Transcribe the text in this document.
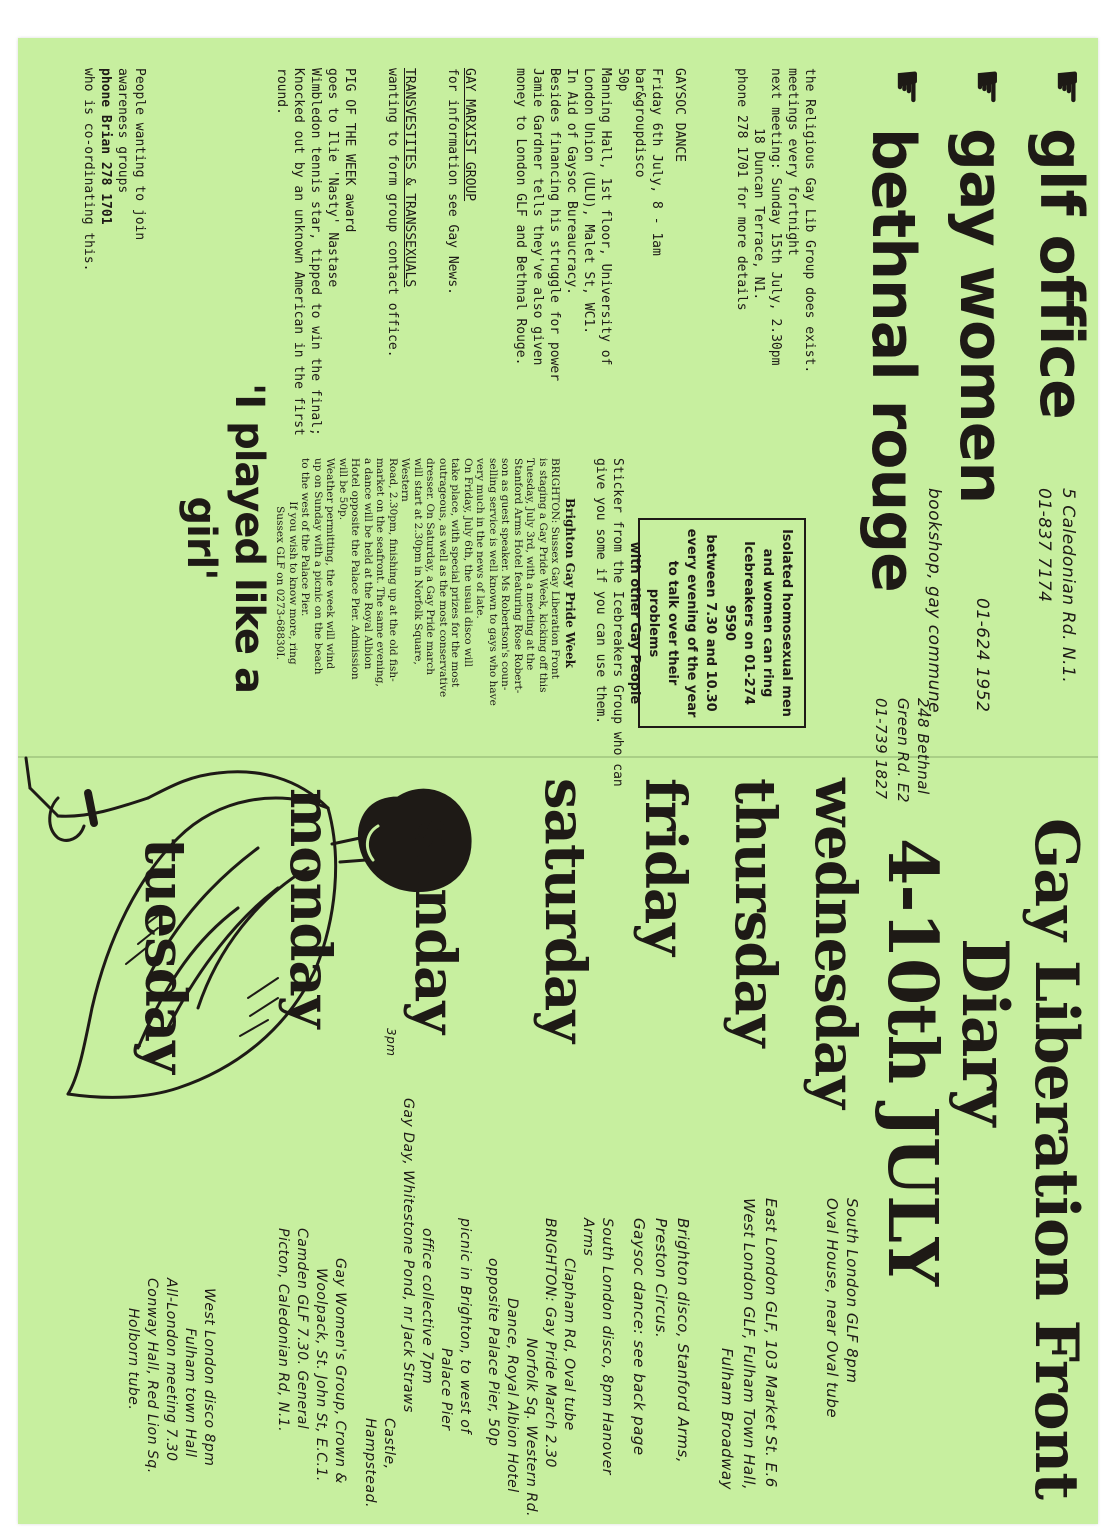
☛
glf office
5 Caledonian Rd. N.1.
01-837 7174
☛
gay women
01-624 1952
☛
bethnal rouge
bookshop, gay commune.
248 Bethnal
Green Rd. E2
01-739 1827
the Religious Gay Lib Group does exist.
meetings every fortnight
next meeting: Sunday 15th July, 2.30pm
18 Duncan Terrace, N1.
phone 278 1701 for more details
Isolated homosexual men
and women can ring
Icebreakers on 01-274 9590
between 7.30 and 10.30
every evening of the year
to talk over their problems
with other Gay People
Sticker from the Icebreakers Group who can
give you some if you can use them.
GAYSOC DANCE
Friday 6th July, 8 - 1am
bar&groupdisco
50p
Manning Hall, 1st floor, University of
London Union (ULU), Malet St, WC1.
In Aid of Gaysoc Bureaucracy.
Besides financing his struggle for power
Jamie Gardner tells they've also given
money to London GLF and Bethnal Rouge.
Brighton Gay Pride Week
BRIGHTON: Sussex Gay Liberation Front
is staging a Gay Pride Week, kicking off this
Tuesday, July 3rd, with a meeting at the
Stanford Arms Hotel featuring Rose Robert-
son as guest speaker. Ms Robertson's coun-
selling service is well known to gays who have
very much in the news of late.
On Friday, July 6th, the usual disco will
take place, with special prizes for the most
outrageous, as well as the most conservative
dresser. On Saturday, a Gay Pride march
will start at 2.30pm in Norfolk Square, Western
Road, 2.30pm, finishing up at the old fish-
market on the seafront. The same evening,
a dance will be held at the Royal Albion
Hotel opposite the Palace Pier. Admission
will be 50p.
Weather permitting, the week will wind
up on Sunday with a picnic on the beach
to the west of the Palace Pier.
If you wish to know more, ring
Sussex GLF on 0273-68830I.
GAY MARXIST GROUP
for information see Gay News.
TRANSVESTITES & TRANSSEXUALS
wanting to form group contact office.
PIG OF THE WEEK award
goes to Ilie 'Nasty' Nastase
Wimbledon tennis star, tipped to win the final;
Knocked out by an unknown American in the first round.
'I played like a girl'
People wanting to join
awareness groups
phone Brian 278 1701
who is co-ordinating this.
Gay Liberation Front
Diary
4-10th JULY
wednesday
South London GLF 8pm
Oval House, near Oval tube
thursday
East London GLF, 103 Market St. E.6
West London GLF, Fulham Town Hall,
Fulham Broadway
friday
Brighton disco, Stanford Arms, Preston Circus.
Gaysoc dance: see back page
saturday
South London disco, 8pm Hanover Arms
Clapham Rd, Oval tube
BRIGHTON: Gay Pride March 2.30
Norfolk Sq. Western Rd.
Dance, Royal Albion Hotel
opposite Palace Pier, 50p
sunday
3pm
picnic in Brighton, to west of
Palace Pier
office collective 7pm
Gay Day, Whitestone Pond, nr Jack Straws
Castle, Hampstead.
monday
Gay Women's Group, Crown &
Woolpack, St. John St, E.C.1.
Camden GLF 7.30. General
Picton, Caledonian Rd, N.1.
tuesday
West London disco 8pm
Fulham town Hall
All-London meeting 7.30
Conway Hall, Red Lion Sq.
Holborn tube.
